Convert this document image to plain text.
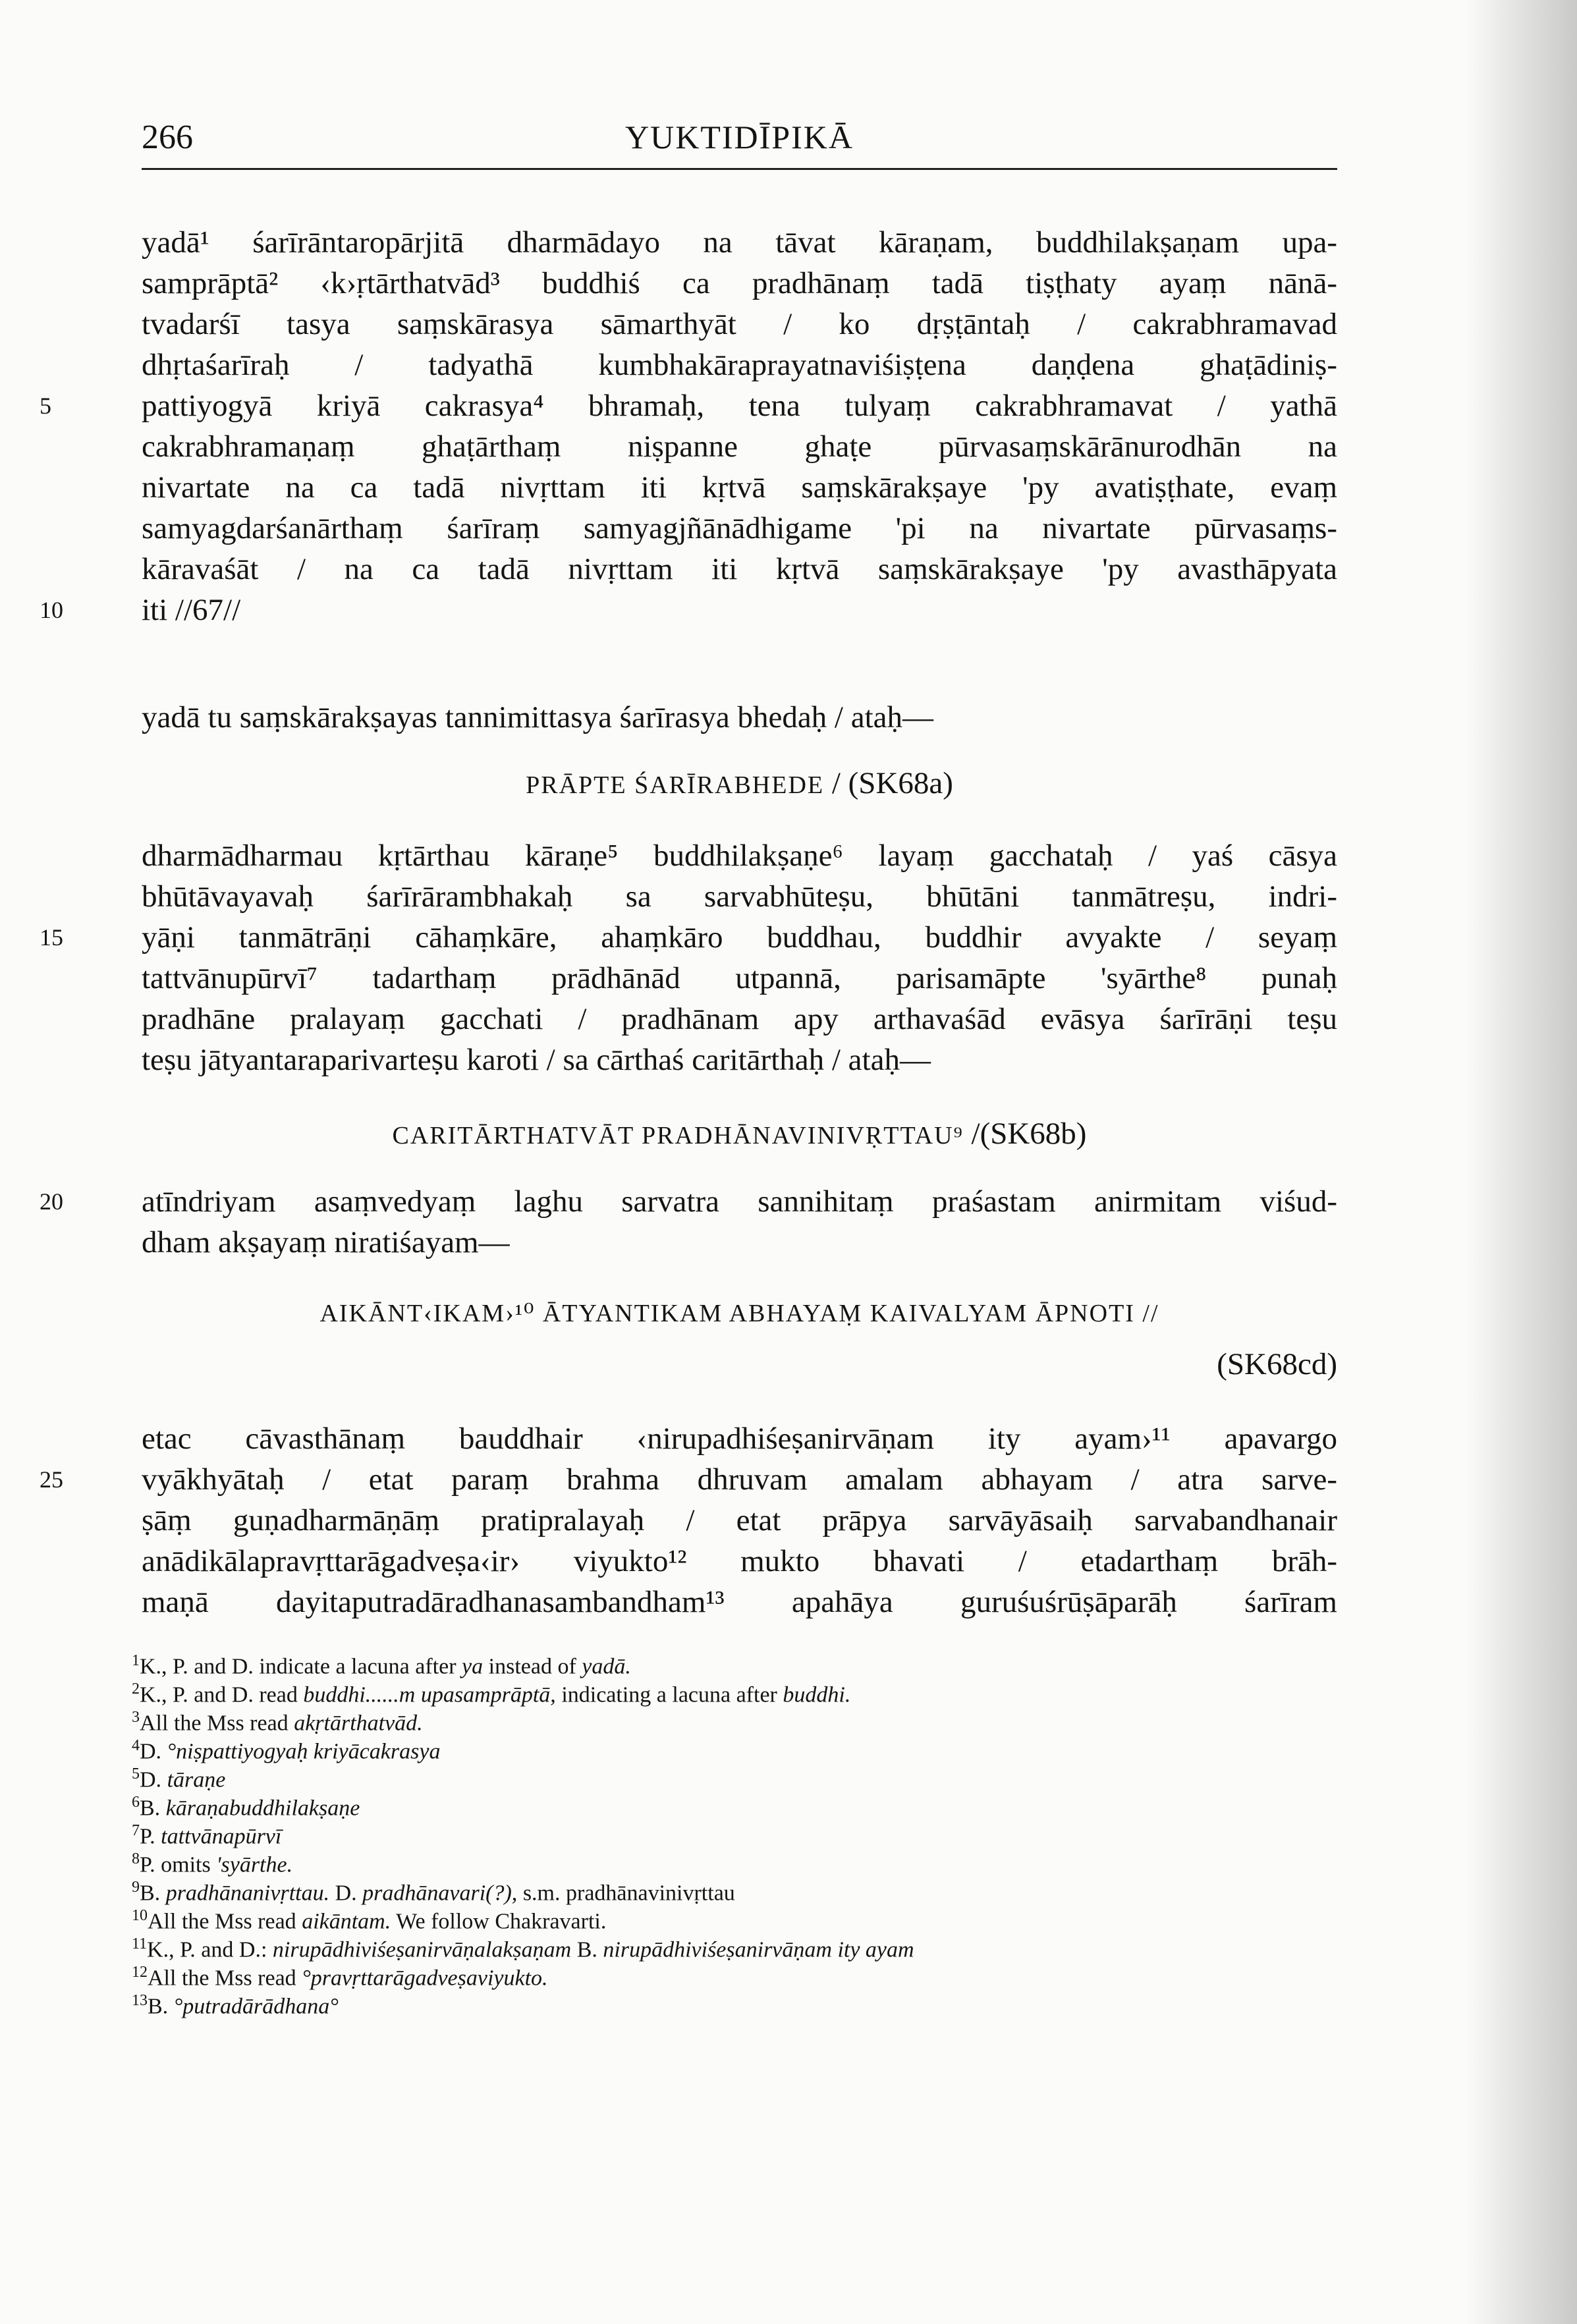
266	YUKTIDĪPIKĀ
yadā¹ śarīrāntaropārjitā dharmādayo na tāvat kāraṇam, buddhilakṣaṇam upa-
samprāptā² ‹k›ṛtārthatvād³ buddhiś ca pradhānaṃ tadā tiṣṭhaty ayaṃ nānā-
tvadarśī tasya saṃskārasya sāmarthyāt / ko dṛṣṭāntaḥ / cakrabhramavad
dhṛtaśarīraḥ / tadyathā kumbhakāraprayatnaviśiṣṭena daṇḍena ghaṭādiniṣ-
5	pattiyogyā kriyā cakrasya⁴ bhramaḥ, tena tulyaṃ cakrabhramavat / yathā
cakrabhramaṇaṃ ghaṭārthaṃ niṣpanne ghaṭe pūrvasaṃskārānurodhān na
nivartate na ca tadā nivṛttam iti kṛtvā saṃskārakṣaye 'py avatiṣṭhate, evaṃ
samyagdarśanārthaṃ śarīraṃ samyagjñānādhigame 'pi na nivartate pūrvasaṃs-
kāravaśāt / na ca tadā nivṛttam iti kṛtvā saṃskārakṣaye 'py avasthāpyata
10	iti //67//
yadā tu saṃskārakṣayas tannimittasya śarīrasya bhedaḥ / ataḥ—
PRĀPTE ŚARĪRABHEDE / (SK68a)
dharmādharmau kṛtārthau kāraṇe⁵ buddhilakṣaṇe⁶ layaṃ gacchataḥ / yaś cāsya
bhūtāvayavaḥ śarīrārambhakaḥ sa sarvabhūteṣu, bhūtāni tanmātreṣu, indri-
15	yāṇi tanmātrāṇi cāhaṃkāre, ahaṃkāro buddhau, buddhir avyakte / seyaṃ
tattvānupūrvī⁷ tadarthaṃ prādhānād utpannā, parisamāpte 'syārthe⁸ punaḥ
pradhāne pralayaṃ gacchati / pradhānam apy arthavaśād evāsya śarīrāṇi teṣu
teṣu jātyantaraparivarteṣu karoti / sa cārthaś caritārthaḥ / ataḥ—
CARITĀRTHATVĀT PRADHĀNAVINIVṚTTAU⁹ /(SK68b)
20	atīndriyam asaṃvedyaṃ laghu sarvatra sannihitaṃ praśastam anirmitam viśud-
dham akṣayaṃ niratiśayam—
AIKĀNT‹IKAM›¹⁰ ĀTYANTIKAM ABHAYAṂ KAIVALYAM ĀPNOTI //
(SK68cd)
etac cāvasthānaṃ bauddhair ‹nirupadhiśeṣanirvāṇam ity ayam›¹¹ apavargo
25	vyākhyātaḥ / etat paraṃ brahma dhruvam amalam abhayam / atra sarve-
ṣāṃ guṇadharmāṇāṃ pratipralayaḥ / etat prāpya sarvāyāsaiḥ sarvabandhanair
anādikālapravṛttarāgadveṣa‹ir› viyukto¹² mukto bhavati / etadarthaṃ brāh-
maṇā dayitaputradāradhanasambandham¹³ apahāya guruśuśrūṣāparāḥ śarīram
$^1$K., P. and D. indicate a lacuna after ya instead of yadā.
$^2$K., P. and D. read buddhi......m upasamprāptā, indicating a lacuna after buddhi.
$^3$All the Mss read akṛtārthatvād.
$^4$D. °niṣpattiyogyaḥ kriyācakrasya
$^5$D. tāraṇe
$^6$B. kāraṇabuddhilakṣaṇe
$^7$P. tattvānapūrvī
$^8$P. omits 'syārthe.
$^9$B. pradhānanivṛttau. D. pradhānavari(?), s.m. pradhānavinivṛttau
$^{10}$All the Mss read aikāntam. We follow Chakravarti.
$^{11}$K., P. and D.: nirupādhiviśeṣanirvāṇalakṣaṇam B. nirupādhiviśeṣanirvāṇam ity ayam
$^{12}$All the Mss read °pravṛttarāgadveṣaviyukto.
$^{13}$B. °putradārādhana°
